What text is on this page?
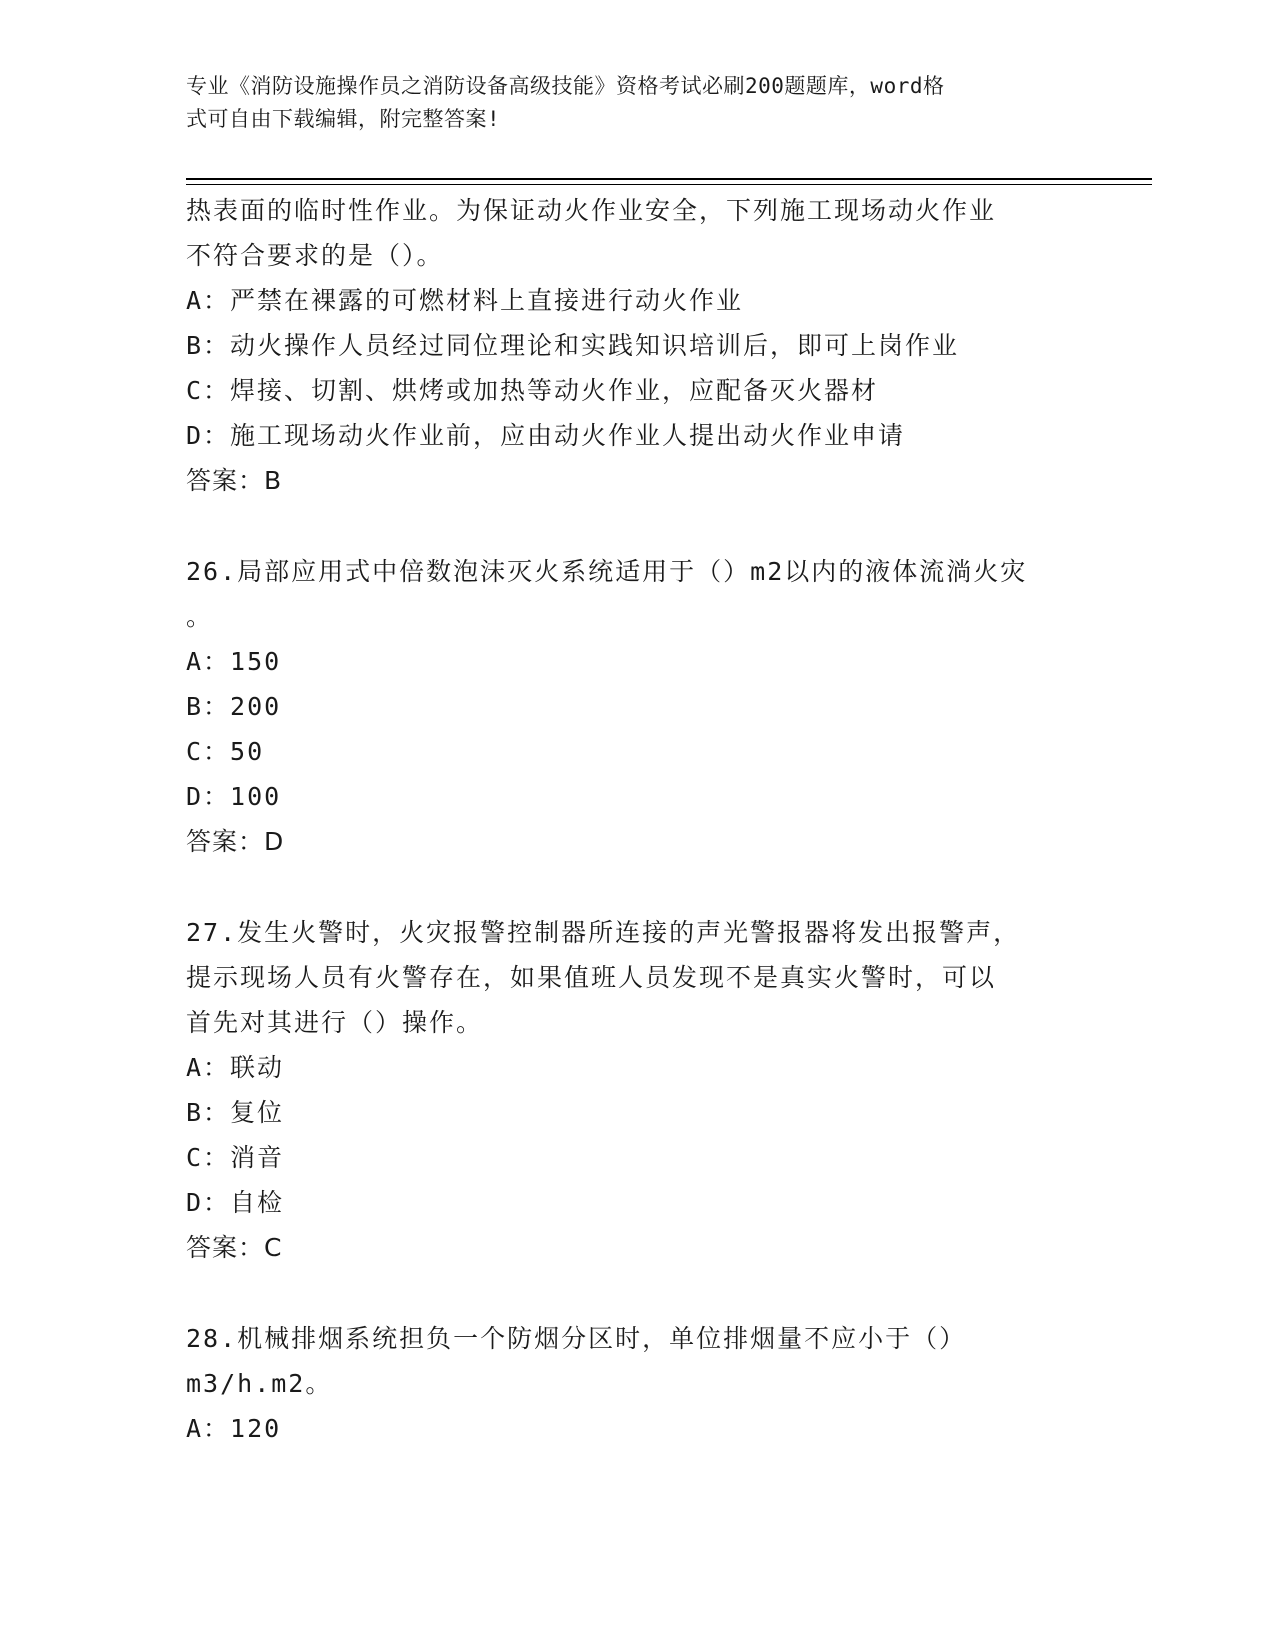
专业《消防设施操作员之消防设备高级技能》资格考试必刷200题题库，word格
式可自由下载编辑，附完整答案!
热表面的临时性作业。为保证动火作业安全，下列施工现场动火作业
不符合要求的是（）。
A：严禁在裸露的可燃材料上直接进行动火作业
B：动火操作人员经过同位理论和实践知识培训后，即可上岗作业
C：焊接、切割、烘烤或加热等动火作业，应配备灭火器材
D：施工现场动火作业前，应由动火作业人提出动火作业申请
答案：B
26.局部应用式中倍数泡沫灭火系统适用于（）m2以内的液体流淌火灾
。
A：150
B：200
C：50
D：100
答案：D
27.发生火警时，火灾报警控制器所连接的声光警报器将发出报警声，
提示现场人员有火警存在，如果值班人员发现不是真实火警时，可以
首先对其进行（）操作。
A：联动
B：复位
C：消音
D：自检
答案：C
28.机械排烟系统担负一个防烟分区时，单位排烟量不应小于（）
m3/h.m2。
A：120
